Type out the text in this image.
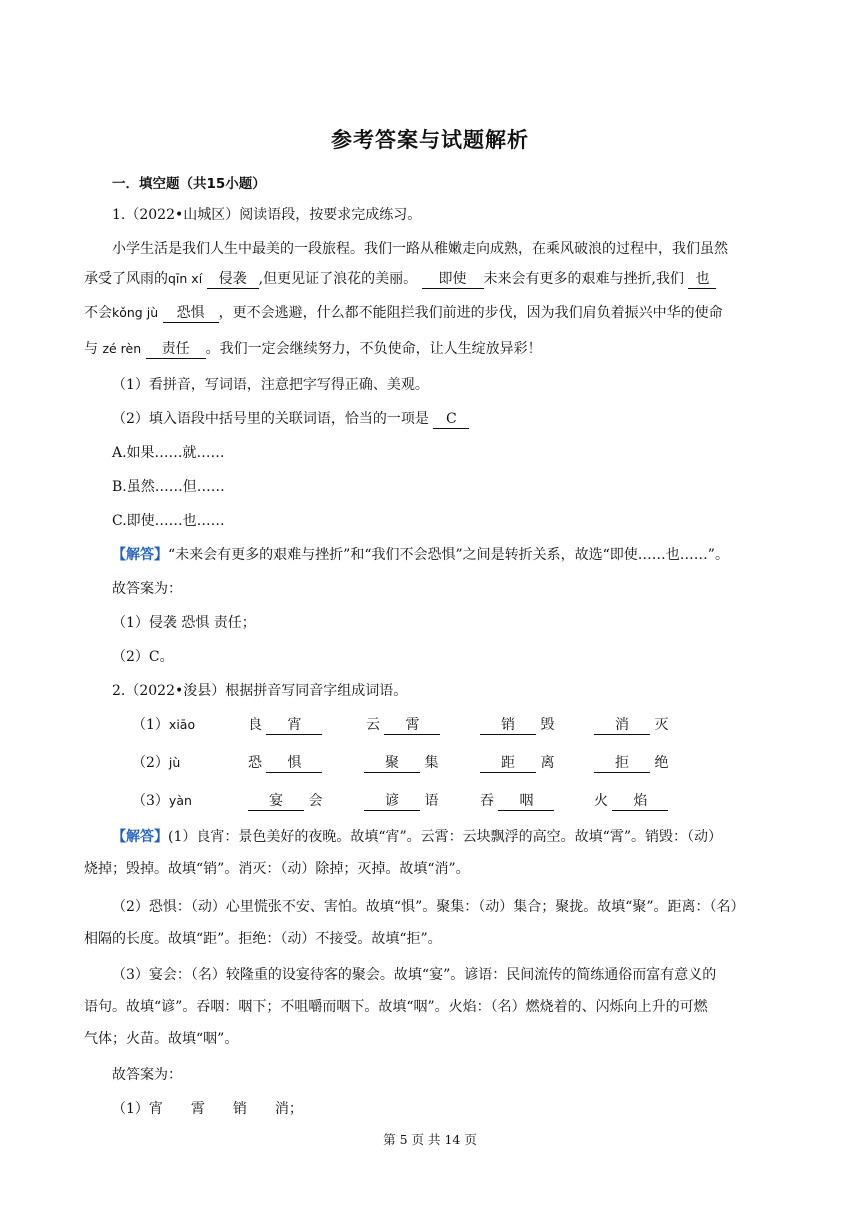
参考答案与试题解析
一．填空题（共15小题）
1.（2022•山城区）阅读语段，按要求完成练习。
小学生活是我们人生中最美的一段旅程。我们一路从稚嫩走向成熟，在乘风破浪的过程中，我们虽然
承受了风雨的qīn xí 侵袭 ,但更见证了浪花的美丽。 即使 未来会有更多的艰难与挫折,我们 也
不会kǒng jù 恐惧 ，更不会逃避，什么都不能阻拦我们前进的步伐，因为我们肩负着振兴中华的使命
与 zé rèn 责任 。我们一定会继续努力，不负使命，让人生绽放异彩！
（1）看拼音，写词语，注意把字写得正确、美观。
（2）填入语段中括号里的关联词语，恰当的一项是 C
A.如果……就……
B.虽然……但……
C.即使……也……
【解答】“未来会有更多的艰难与挫折”和“我们不会恐惧”之间是转折关系，故选“即使……也……”。
故答案为：
（1）侵袭 恐惧 责任；
（2）C。
2.（2022•浚县）根据拼音写同音字组成词语。
（1）xiāo	良 宵	云 霄	销 毁	消 灭
（2）jù	恐 惧	聚 集	距 离	拒 绝
（3）yàn	宴 会	谚 语	吞 咽	火 焰
【解答】(1）良宵：景色美好的夜晚。故填“宵”。云霄：云块飘浮的高空。故填“霄”。销毁：（动）
烧掉；毁掉。故填“销”。消灭：（动）除掉；灭掉。故填“消”。
（2）恐惧：（动）心里慌张不安、害怕。故填“惧”。聚集：（动）集合；聚拢。故填“聚”。距离：（名）
相隔的长度。故填“距”。拒绝：（动）不接受。故填“拒”。
（3）宴会：（名）较隆重的设宴待客的聚会。故填“宴”。谚语：民间流传的简练通俗而富有意义的
语句。故填“谚”。吞咽：咽下；不咀嚼而咽下。故填“咽”。火焰：（名）燃烧着的、闪烁向上升的可燃
气体；火苗。故填“咽”。
故答案为：
（1）宵　　霄　　销　　消；
第 5 页 共 14 页
